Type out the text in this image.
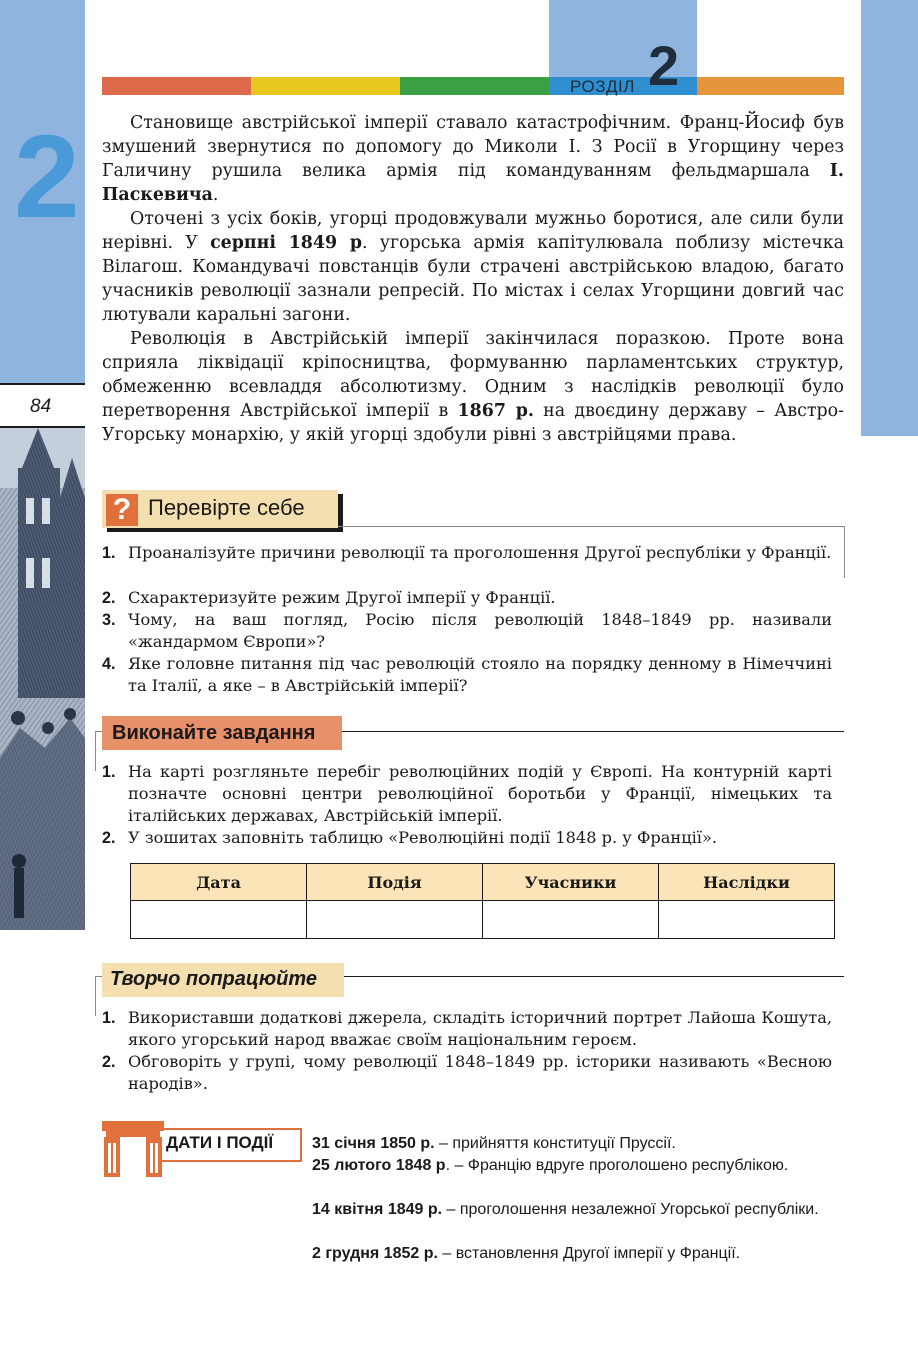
2
84
РОЗДІЛ 2
Становище австрійської імперії ставало катастрофічним. Франц-Йосиф був змушений звернутися по допомогу до Миколи I. З Росії в Угорщину через Галичину рушила велика армія під командуванням фельдмаршала І. Паскевича.
Оточені з усіх боків, угорці продовжували мужньо боротися, але сили були нерівні. У серпні 1849 р. угорська армія капітулювала поблизу містечка Вілагош. Командувачі повстанців були страчені австрійською владою, багато учасників революції зазнали репресій. По містах і селах Угорщини довгий час лютували каральні загони.
Революція в Австрійській імперії закінчилася поразкою. Проте вона сприяла ліквідації кріпосництва, формуванню парламентських структур, обмеженню всевладдя абсолютизму. Одним з наслідків революції було перетворення Австрійської імперії в 1867 р. на двоєдину державу – Австро-Угорську монархію, у якій угорці здобули рівні з австрійцями права.
? Перевірте себе
1. Проаналізуйте причини революції та проголошення Другої республіки у Франції.
2. Схарактеризуйте режим Другої імперії у Франції.
3. Чому, на ваш погляд, Росію після революцій 1848–1849 рр. називали «жандармом Європи»?
4. Яке головне питання під час революцій стояло на порядку денному в Німеччині та Італії, а яке – в Австрійській імперії?
Виконайте завдання
1. На карті розгляньте перебіг революційних подій у Європі. На контурній карті позначте основні центри революційної боротьби у Франції, німецьких та італійських державах, Австрійській імперії.
2. У зошитах заповніть таблицю «Революційні події 1848 р. у Франції».
Дата	Подія	Учасники	Наслідки

Творчо попрацюйте
1. Використавши додаткові джерела, складіть історичний портрет Лайоша Кошута, якого угорський народ вважає своїм національним героєм.
2. Обговоріть у групі, чому революції 1848–1849 рр. історики називають «Весною народів».
ДАТИ І ПОДІЇ 31 січня 1850 р. – прийняття конституції Пруссії.
25 лютого 1848 р. – Францію вдруге проголошено республікою.
14 квітня 1849 р. – проголошення незалежної Угорської республіки.
2 грудня 1852 р. – встановлення Другої імперії у Франції.
